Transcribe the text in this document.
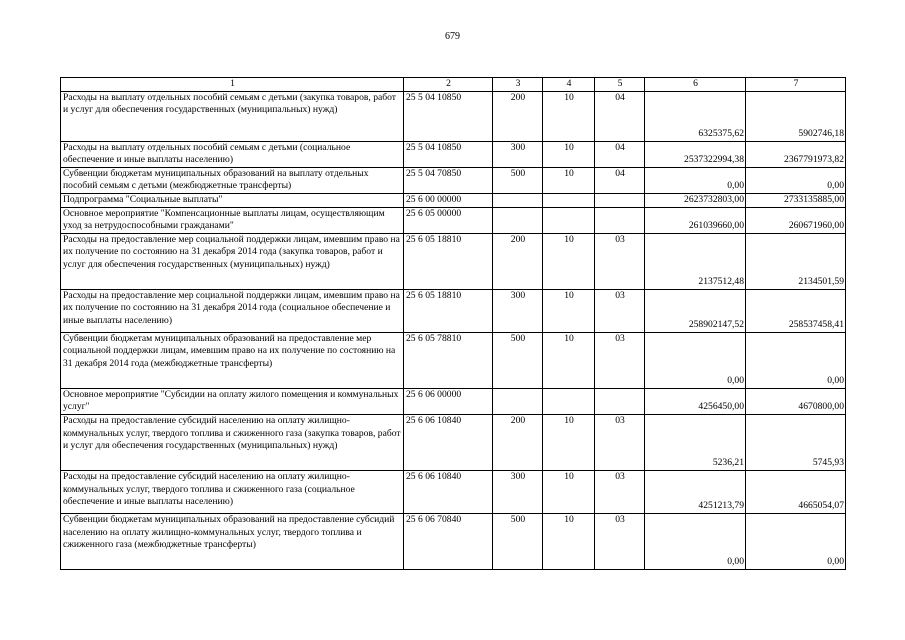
679
1	2	3	4	5	6	7
Расходы на выплату отдельных пособий семьям с детьми (закупка товаров, работ и услуг для обеспечения государственных (муниципальных) нужд)	25 5 04 10850	200	10	04	6325375,62	5902746,18
Расходы на выплату отдельных пособий семьям с детьми (социальное обеспечение и иные выплаты населению)	25 5 04 10850	300	10	04	2537322994,38	2367791973,82
Субвенции бюджетам муниципальных образований на выплату отдельных пособий семьям с детьми (межбюджетные трансферты)	25 5 04 70850	500	10	04	0,00	0,00
Подпрограмма "Социальные выплаты"	25 6 00 00000				2623732803,00	2733135885,00
Основное мероприятие "Компенсационные выплаты лицам, осуществляющим уход за нетрудоспособными гражданами"	25 6 05 00000				261039660,00	260671960,00
Расходы на предоставление мер социальной поддержки лицам, имевшим право на их получение по состоянию на 31 декабря 2014 года (закупка товаров, работ и услуг для обеспечения государственных (муниципальных) нужд)	25 6 05 18810	200	10	03	2137512,48	2134501,59
Расходы на предоставление мер социальной поддержки лицам, имевшим право на их получение по состоянию на 31 декабря 2014 года (социальное обеспечение и иные выплаты населению)	25 6 05 18810	300	10	03	258902147,52	258537458,41
Субвенции бюджетам муниципальных образований на предоставление мер социальной поддержки лицам, имевшим право на их получение по состоянию на 31 декабря 2014 года (межбюджетные трансферты)	25 6 05 78810	500	10	03	0,00	0,00
Основное мероприятие "Субсидии на оплату жилого помещения и коммунальных услуг"	25 6 06 00000				4256450,00	4670800,00
Расходы на предоставление субсидий населению на оплату жилищно-коммунальных услуг, твердого топлива и сжиженного газа (закупка товаров, работ и услуг для обеспечения государственных (муниципальных) нужд)	25 6 06 10840	200	10	03	5236,21	5745,93
Расходы на предоставление субсидий населению на оплату жилищно-коммунальных услуг, твердого топлива и сжиженного газа (социальное обеспечение и иные выплаты населению)	25 6 06 10840	300	10	03	4251213,79	4665054,07
Субвенции бюджетам муниципальных образований на предоставление субсидий населению на оплату жилищно-коммунальных услуг, твердого топлива и сжиженного газа (межбюджетные трансферты)	25 6 06 70840	500	10	03	0,00	0,00
